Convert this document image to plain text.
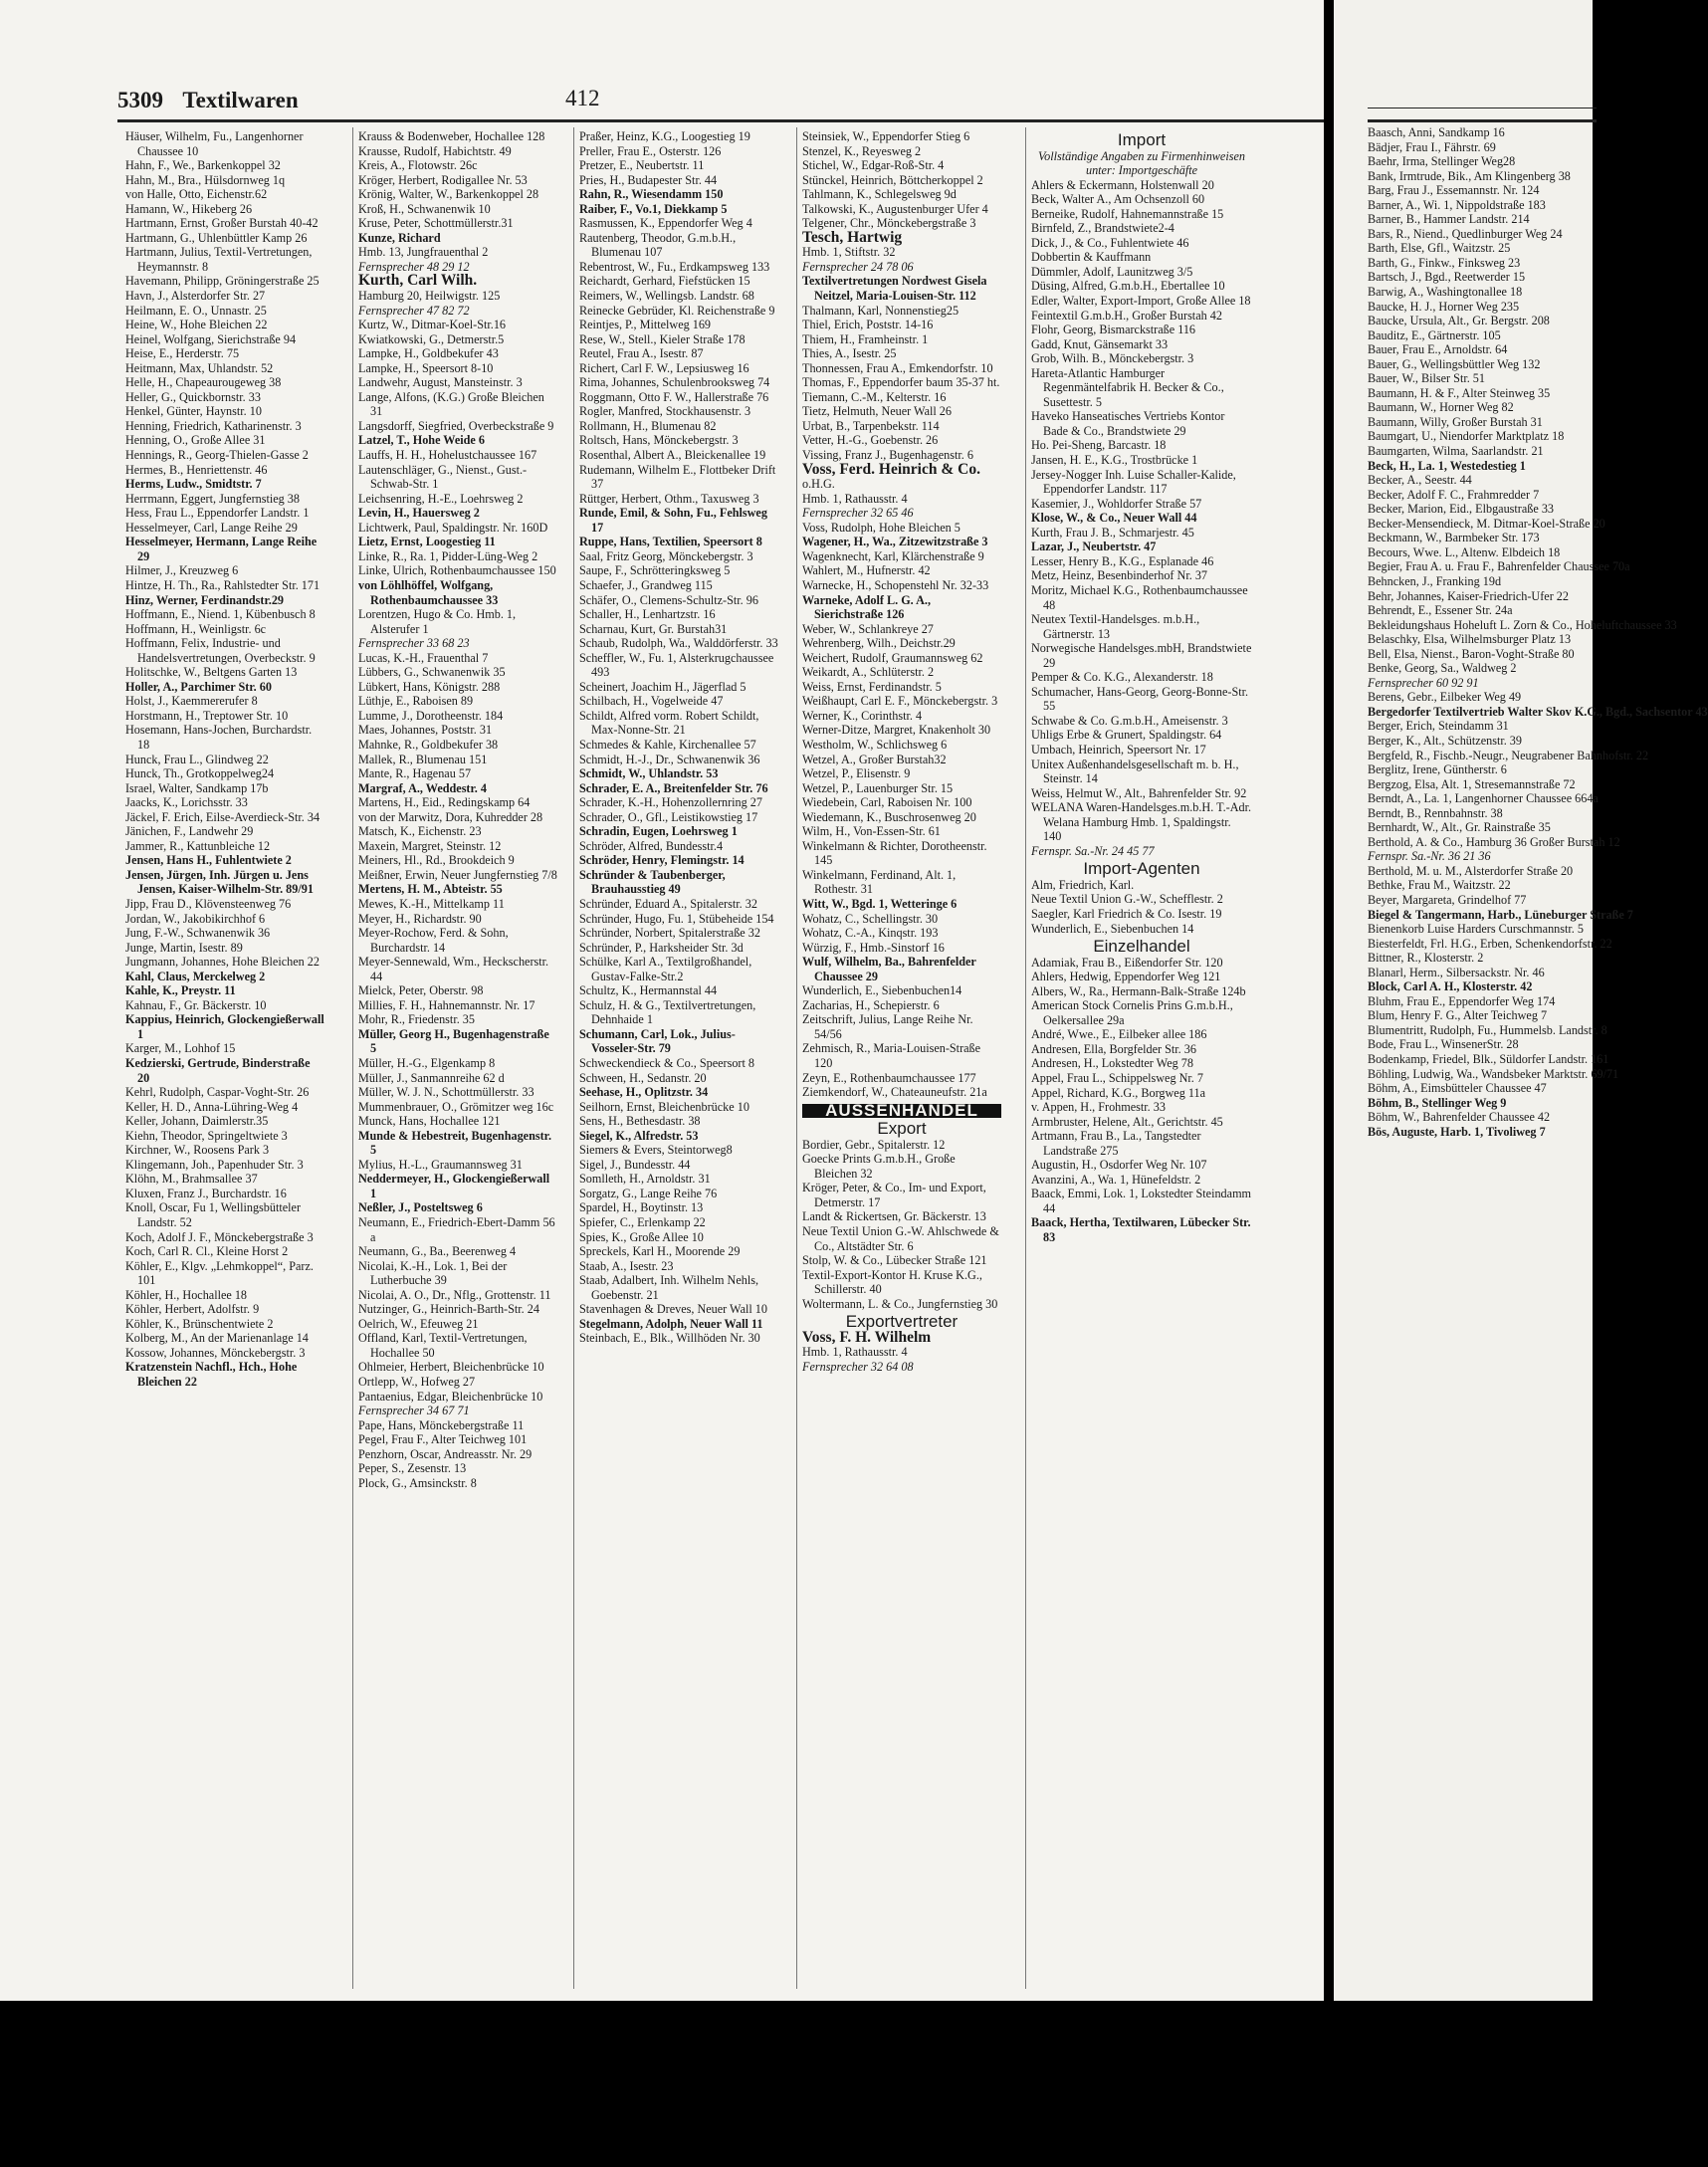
5309 Textilwaren	412
Häuser, Wilhelm, Fu., Langenhorner Chaussee 10
Hahn, F., We., Barkenkoppel 32
Hahn, M., Bra., Hülsdornweg 1q
von Halle, Otto, Eichenstr.62
Hamann, W., Hikeberg 26
Hartmann, Ernst, Großer Burstah 40-42
Hartmann, G., Uhlenbüttler Kamp 26
Hartmann, Julius, Textil-Vertretungen, Heymannstr. 8
Havemann, Philipp, Gröningerstraße 25
Havn, J., Alsterdorfer Str. 27
Heilmann, E. O., Unnastr. 25
Heine, W., Hohe Bleichen 22
Heinel, Wolfgang, Sierichstraße 94
Heise, E., Herderstr. 75
Heitmann, Max, Uhlandstr. 52
Helle, H., Chapeaurougeweg 38
Heller, G., Quickbornstr. 33
Henkel, Günter, Haynstr. 10
Henning, Friedrich, Katharinenstr. 3
Henning, O., Große Allee 31
Hennings, R., Georg-Thielen-Gasse 2
Hermes, B., Henriettenstr. 46
Herms, Ludw., Smidtstr. 7
Herrmann, Eggert, Jungfernstieg 38
Hess, Frau L., Eppendorfer Landstr. 1
Hesselmeyer, Carl, Lange Reihe 29
Hesselmeyer, Hermann, Lange Reihe 29
Hilmer, J., Kreuzweg 6
Hintze, H. Th., Ra., Rahlstedter Str. 171
Hinz, Werner, Ferdinandstr.29
Hoffmann, E., Niend. 1, Kübenbusch 8
Hoffmann, H., Weinligstr. 6c
Hoffmann, Felix, Industrie- und Handelsvertretungen, Overbeckstr. 9
Holitschke, W., Beltgens Garten 13
Holler, A., Parchimer Str. 60
Holst, J., Kaemmererufer 8
Horstmann, H., Treptower Str. 10
Hosemann, Hans-Jochen, Burchardstr. 18
Hunck, Frau L., Glindweg 22
Hunck, Th., Grotkoppelweg24
Israel, Walter, Sandkamp 17b
Jaacks, K., Lorichsstr. 33
Jäckel, F. Erich, Eilse-Averdieck-Str. 34
Jänichen, F., Landwehr 29
Jammer, R., Kattunbleiche 12
Jensen, Hans H., Fuhlentwiete 2
Jensen, Jürgen, Inh. Jürgen u. Jens Jensen, Kaiser-Wilhelm-Str. 89/91
Jipp, Frau D., Klövensteenweg 76
Jordan, W., Jakobikirchhof 6
Jung, F.-W., Schwanenwik 36
Junge, Martin, Isestr. 89
Jungmann, Johannes, Hohe Bleichen 22
Kahl, Claus, Merckelweg 2
Kahle, K., Preystr. 11
Kahnau, F., Gr. Bäckerstr. 10
Kappius, Heinrich, Glockengießerwall 1
Karger, M., Lohhof 15
Kedzierski, Gertrude, Binderstraße 20
Kehrl, Rudolph, Caspar-Voght-Str. 26
Keller, H. D., Anna-Lühring-Weg 4
Keller, Johann, Daimlerstr.35
Kiehn, Theodor, Springeltwiete 3
Kirchner, W., Roosens Park 3
Klingemann, Joh., Papenhuder Str. 3
Klöhn, M., Brahmsallee 37
Kluxen, Franz J., Burchardstr. 16
Knoll, Oscar, Fu 1, Wellingsbütteler Landstr. 52
Koch, Adolf J. F., Mönckebergstraße 3
Koch, Carl R. Cl., Kleine Horst 2
Köhler, E., Klgv. „Lehmkoppel“, Parz. 101
Köhler, H., Hochallee 18
Köhler, Herbert, Adolfstr. 9
Köhler, K., Brünschentwiete 2
Kolberg, M., An der Marienanlage 14
Kossow, Johannes, Mönckebergstr. 3
Kratzenstein Nachfl., Hch., Hohe Bleichen 22
Krauss & Bodenweber, Hochallee 128
Krausse, Rudolf, Habichtstr. 49
Kreis, A., Flotowstr. 26c
Kröger, Herbert, Rodigallee Nr. 53
Krönig, Walter, W., Barkenkoppel 28
Kroß, H., Schwanenwik 10
Kruse, Peter, Schottmüllerstr.31
Kunze, Richard
Hmb. 13, Jungfrauenthal 2
Fernsprecher 48 29 12
Kurth, Carl Wilh.
Hamburg 20, Heilwigstr. 125
Fernsprecher 47 82 72
Kurtz, W., Ditmar-Koel-Str.16
Kwiatkowski, G., Detmerstr.5
Lampke, H., Goldbekufer 43
Lampke, H., Speersort 8-10
Landwehr, August, Mansteinstr. 3
Lange, Alfons, (K.G.) Große Bleichen 31
Langsdorff, Siegfried, Overbeckstraße 9
Latzel, T., Hohe Weide 6
Lauffs, H. H., Hohelustchaussee 167
Lautenschläger, G., Nienst., Gust.-Schwab-Str. 1
Leichsenring, H.-E., Loehrsweg 2
Levin, H., Hauersweg 2
Lichtwerk, Paul, Spaldingstr. Nr. 160D
Lietz, Ernst, Loogestieg 11
Linke, R., Ra. 1, Pidder-Lüng-Weg 2
Linke, Ulrich, Rothenbaumchaussee 150
von Löhlhöffel, Wolfgang, Rothenbaumchaussee 33
Lorentzen, Hugo & Co. Hmb. 1, Alsterufer 1
Fernsprecher 33 68 23
Lucas, K.-H., Frauenthal 7
Lübbers, G., Schwanenwik 35
Lübkert, Hans, Königstr. 288
Lüthje, E., Raboisen 89
Lumme, J., Dorotheenstr. 184
Maes, Johannes, Poststr. 31
Mahnke, R., Goldbekufer 38
Mallek, R., Blumenau 151
Mante, R., Hagenau 57
Margraf, A., Weddestr. 4
Martens, H., Eid., Redingskamp 64
von der Marwitz, Dora, Kuhredder 28
Matsch, K., Eichenstr. 23
Maxein, Margret, Steinstr. 12
Meiners, Hl., Rd., Brookdeich 9
Meißner, Erwin, Neuer Jungfernstieg 7/8
Mertens, H. M., Abteistr. 55
Mewes, K.-H., Mittelkamp 11
Meyer, H., Richardstr. 90
Meyer-Rochow, Ferd. & Sohn, Burchardstr. 14
Meyer-Sennewald, Wm., Heckscherstr. 44
Mielck, Peter, Oberstr. 98
Millies, F. H., Hahnemannstr. Nr. 17
Mohr, R., Friedenstr. 35
Müller, Georg H., Bugenhagenstraße 5
Müller, H.-G., Elgenkamp 8
Müller, J., Sanmannreihe 62 d
Müller, W. J. N., Schottmüllerstr. 33
Mummenbrauer, O., Grömitzer weg 16c
Munck, Hans, Hochallee 121
Munde & Hebestreit, Bugenhagenstr. 5
Mylius, H.-L., Graumannsweg 31
Neddermeyer, H., Glockengießerwall 1
Neßler, J., Posteltsweg 6
Neumann, E., Friedrich-Ebert-Damm 56 a
Neumann, G., Ba., Beerenweg 4
Nicolai, K.-H., Lok. 1, Bei der Lutherbuche 39
Nicolai, A. O., Dr., Nflg., Grottenstr. 11
Nutzinger, G., Heinrich-Barth-Str. 24
Oelrich, W., Efeuweg 21
Offland, Karl, Textil-Vertretungen, Hochallee 50
Ohlmeier, Herbert, Bleichenbrücke 10
Ortlepp, W., Hofweg 27
Pantaenius, Edgar, Bleichenbrücke 10
Fernsprecher 34 67 71
Pape, Hans, Mönckebergstraße 11
Pegel, Frau F., Alter Teichweg 101
Penzhorn, Oscar, Andreasstr. Nr. 29
Peper, S., Zesenstr. 13
Plock, G., Amsinckstr. 8
Praßer, Heinz, K.G., Loogestieg 19
Preller, Frau E., Osterstr. 126
Pretzer, E., Neubertstr. 11
Pries, H., Budapester Str. 44
Rahn, R., Wiesendamm 150
Raiber, F., Vo.1, Diekkamp 5
Rasmussen, K., Eppendorfer Weg 4
Rautenberg, Theodor, G.m.b.H., Blumenau 107
Rebentrost, W., Fu., Erdkampsweg 133
Reichardt, Gerhard, Fiefstücken 15
Reimers, W., Wellingsb. Landstr. 68
Reinecke Gebrüder, Kl. Reichenstraße 9
Reintjes, P., Mittelweg 169
Rese, W., Stell., Kieler Straße 178
Reutel, Frau A., Isestr. 87
Richert, Carl F. W., Lepsiusweg 16
Rima, Johannes, Schulenbrooksweg 74
Roggmann, Otto F. W., Hallerstraße 76
Rogler, Manfred, Stockhausenstr. 3
Rollmann, H., Blumenau 82
Roltsch, Hans, Mönckebergstr. 3
Rosenthal, Albert A., Bleickenallee 19
Rudemann, Wilhelm E., Flottbeker Drift 37
Rüttger, Herbert, Othm., Taxusweg 3
Runde, Emil, & Sohn, Fu., Fehlsweg 17
Ruppe, Hans, Textilien, Speersort 8
Saal, Fritz Georg, Mönckebergstr. 3
Saupe, F., Schrötteringksweg 5
Schaefer, J., Grandweg 115
Schäfer, O., Clemens-Schultz-Str. 96
Schaller, H., Lenhartzstr. 16
Scharnau, Kurt, Gr. Burstah31
Schaub, Rudolph, Wa., Walddörferstr. 33
Scheffler, W., Fu. 1, Alsterkrugchaussee 493
Scheinert, Joachim H., Jägerflad 5
Schilbach, H., Vogelweide 47
Schildt, Alfred vorm. Robert Schildt, Max-Nonne-Str. 21
Schmedes & Kahle, Kirchenallee 57
Schmidt, H.-J., Dr., Schwanenwik 36
Schmidt, W., Uhlandstr. 53
Schrader, E. A., Breitenfelder Str. 76
Schrader, K.-H., Hohenzollernring 27
Schrader, O., Gfl., Leistikowstieg 17
Schradin, Eugen, Loehrsweg 1
Schröder, Alfred, Bundesstr.4
Schröder, Henry, Flemingstr. 14
Schründer & Taubenberger, Brauhausstieg 49
Schründer, Eduard A., Spitalerstr. 32
Schründer, Hugo, Fu. 1, Stübeheide 154
Schründer, Norbert, Spitalerstraße 32
Schründer, P., Harksheider Str. 3d
Schülke, Karl A., Textilgroßhandel, Gustav-Falke-Str.2
Schultz, K., Hermannstal 44
Schulz, H. & G., Textilvertretungen, Dehnhaide 1
Schumann, Carl, Lok., Julius-Vosseler-Str. 79
Schweckendieck & Co., Speersort 8
Schween, H., Sedanstr. 20
Seehase, H., Oplitzstr. 34
Seilhorn, Ernst, Bleichenbrücke 10
Sens, H., Bethesdastr. 38
Siegel, K., Alfredstr. 53
Siemers & Evers, Steintorweg8
Sigel, J., Bundesstr. 44
Somlleth, H., Arnoldstr. 31
Sorgatz, G., Lange Reihe 76
Spardel, H., Boytinstr. 13
Spiefer, C., Erlenkamp 22
Spies, K., Große Allee 10
Spreckels, Karl H., Moorende 29
Staab, A., Isestr. 23
Staab, Adalbert, Inh. Wilhelm Nehls, Goebenstr. 21
Stavenhagen & Dreves, Neuer Wall 10
Stegelmann, Adolph, Neuer Wall 11
Steinbach, E., Blk., Willhöden Nr. 30
Steinsiek, W., Eppendorfer Stieg 6
Stenzel, K., Reyesweg 2
Stichel, W., Edgar-Roß-Str. 4
Stünckel, Heinrich, Böttcherkoppel 2
Tahlmann, K., Schlegelsweg 9d
Talkowski, K., Augustenburger Ufer 4
Telgener, Chr., Mönckebergstraße 3
Tesch, Hartwig
Hmb. 1, Stiftstr. 32
Fernsprecher 24 78 06
Textilvertretungen Nordwest Gisela Neitzel, Maria-Louisen-Str. 112
Thalmann, Karl, Nonnenstieg25
Thiel, Erich, Poststr. 14-16
Thiem, H., Framheinstr. 1
Thies, A., Isestr. 25
Thonnessen, Frau A., Emkendorfstr. 10
Thomas, F., Eppendorfer baum 35-37 ht.
Tiemann, C.-M., Kelterstr. 16
Tietz, Helmuth, Neuer Wall 26
Urbat, B., Tarpenbekstr. 114
Vetter, H.-G., Goebenstr. 26
Vissing, Franz J., Bugenhagenstr. 6
Voss, Ferd. Heinrich & Co.
o.H.G.
Hmb. 1, Rathausstr. 4
Fernsprecher 32 65 46
Voss, Rudolph, Hohe Bleichen 5
Wagener, H., Wa., Zitzewitzstraße 3
Wagenknecht, Karl, Klärchenstraße 9
Wahlert, M., Hufnerstr. 42
Warnecke, H., Schopenstehl Nr. 32-33
Warneke, Adolf L. G. A., Sierichstraße 126
Weber, W., Schlankreye 27
Wehrenberg, Wilh., Deichstr.29
Weichert, Rudolf, Graumannsweg 62
Weikardt, A., Schlüterstr. 2
Weiss, Ernst, Ferdinandstr. 5
Weißhaupt, Carl E. F., Mönckebergstr. 3
Werner, K., Corinthstr. 4
Werner-Ditze, Margret, Knakenholt 30
Westholm, W., Schlichsweg 6
Wetzel, A., Großer Burstah32
Wetzel, P., Elisenstr. 9
Wetzel, P., Lauenburger Str. 15
Wiedebein, Carl, Raboisen Nr. 100
Wiedemann, K., Buschrosenweg 20
Wilm, H., Von-Essen-Str. 61
Winkelmann & Richter, Dorotheenstr. 145
Winkelmann, Ferdinand, Alt. 1, Rothestr. 31
Witt, W., Bgd. 1, Wetteringe 6
Wohatz, C., Schellingstr. 30
Wohatz, C.-A., Kinqstr. 193
Würzig, F., Hmb.-Sinstorf 16
Wulf, Wilhelm, Ba., Bahrenfelder Chaussee 29
Wunderlich, E., Siebenbuchen14
Zacharias, H., Schepierstr. 6
Zeitschrift, Julius, Lange Reihe Nr. 54/56
Zehmisch, R., Maria-Louisen-Straße 120
Zeyn, E., Rothenbaumchaussee 177
Ziemkendorf, W., Chateauneufstr. 21a
AUSSENHANDEL
Export
Bordier, Gebr., Spitalerstr. 12
Goecke Prints G.m.b.H., Große Bleichen 32
Kröger, Peter, & Co., Im- und Export, Detmerstr. 17
Landt & Rickertsen, Gr. Bäckerstr. 13
Neue Textil Union G.-W. Ahlschwede & Co., Altstädter Str. 6
Stolp, W. & Co., Lübecker Straße 121
Textil-Export-Kontor H. Kruse K.G., Schillerstr. 40
Woltermann, L. & Co., Jungfernstieg 30
Exportvertreter
Voss, F. H. Wilhelm
Hmb. 1, Rathausstr. 4
Fernsprecher 32 64 08
Import
Vollständige Angaben zu Firmenhinweisen unter: Importgeschäfte
Ahlers & Eckermann, Holstenwall 20
Beck, Walter A., Am Ochsenzoll 60
Berneike, Rudolf, Hahnemannstraße 15
Birnfeld, Z., Brandstwiete2-4
Dick, J., & Co., Fuhlentwiete 46
Dobbertin & Kauffmann
Dümmler, Adolf, Launitzweg 3/5
Düsing, Alfred, G.m.b.H., Ebertallee 10
Edler, Walter, Export-Import, Große Allee 18
Feintextil G.m.b.H., Großer Burstah 42
Flohr, Georg, Bismarckstraße 116
Gadd, Knut, Gänsemarkt 33
Grob, Wilh. B., Mönckebergstr. 3
Hareta-Atlantic Hamburger Regenmäntelfabrik H. Becker & Co., Susettestr. 5
Haveko Hanseatisches Vertriebs Kontor Bade & Co., Brandstwiete 29
Ho. Pei-Sheng, Barcastr. 18
Jansen, H. E., K.G., Trostbrücke 1
Jersey-Nogger Inh. Luise Schaller-Kalide, Eppendorfer Landstr. 117
Kasemier, J., Wohldorfer Straße 57
Klose, W., & Co., Neuer Wall 44
Kurth, Frau J. B., Schmarjestr. 45
Lazar, J., Neubertstr. 47
Lesser, Henry B., K.G., Esplanade 46
Metz, Heinz, Besenbinderhof Nr. 37
Moritz, Michael K.G., Rothenbaumchaussee 48
Neutex Textil-Handelsges. m.b.H., Gärtnerstr. 13
Norwegische Handelsges.mbH, Brandstwiete 29
Pemper & Co. K.G., Alexanderstr. 18
Schumacher, Hans-Georg, Georg-Bonne-Str. 55
Schwabe & Co. G.m.b.H., Ameisenstr. 3
Uhligs Erbe & Grunert, Spaldingstr. 64
Umbach, Heinrich, Speersort Nr. 17
Unitex Außenhandelsgesellschaft m. b. H., Steinstr. 14
Weiss, Helmut W., Alt., Bahrenfelder Str. 92
WELANA Waren-Handelsges.m.b.H. T.-Adr. Welana Hamburg Hmb. 1, Spaldingstr. 140
Fernspr. Sa.-Nr. 24 45 77
Import-Agenten
Alm, Friedrich, Karl.
Neue Textil Union G.-W., Schefflestr. 2
Saegler, Karl Friedrich & Co. Isestr. 19
Wunderlich, E., Siebenbuchen 14
Einzelhandel
Adamiak, Frau B., Eißendorfer Str. 120
Ahlers, Hedwig, Eppendorfer Weg 121
Albers, W., Ra., Hermann-Balk-Straße 124b
American Stock Cornelis Prins G.m.b.H., Oelkersallee 29a
André, Wwe., E., Eilbeker allee 186
Andresen, Ella, Borgfelder Str. 36
Andresen, H., Lokstedter Weg 78
Appel, Frau L., Schippelsweg Nr. 7
Appel, Richard, K.G., Borgweg 11a
v. Appen, H., Frohmestr. 33
Armbruster, Helene, Alt., Gerichtstr. 45
Artmann, Frau B., La., Tangstedter Landstraße 275
Augustin, H., Osdorfer Weg Nr. 107
Avanzini, A., Wa. 1, Hünefeldstr. 2
Baack, Emmi, Lok. 1, Lokstedter Steindamm 44
Baack, Hertha, Textilwaren, Lübecker Str. 83
Baasch, Anni, Sandkamp 16
Bädjer, Frau I., Fährstr. 69
Baehr, Irma, Stellinger Weg28
Bank, Irmtrude, Bik., Am Klingenberg 38
Barg, Frau J., Essemannstr. Nr. 124
Barner, A., Wi. 1, Nippoldstraße 183
Barner, B., Hammer Landstr. 214
Bars, R., Niend., Quedlinburger Weg 24
Barth, Else, Gfl., Waitzstr. 25
Barth, G., Finkw., Finksweg 23
Bartsch, J., Bgd., Reetwerder 15
Barwig, A., Washingtonallee 18
Baucke, H. J., Horner Weg 235
Baucke, Ursula, Alt., Gr. Bergstr. 208
Bauditz, E., Gärtnerstr. 105
Bauer, Frau E., Arnoldstr. 64
Bauer, G., Wellingsbüttler Weg 132
Bauer, W., Bilser Str. 51
Baumann, H. & F., Alter Steinweg 35
Baumann, W., Horner Weg 82
Baumann, Willy, Großer Burstah 31
Baumgart, U., Niendorfer Marktplatz 18
Baumgarten, Wilma, Saarlandstr. 21
Beck, H., La. 1, Westedestieg 1
Becker, A., Seestr. 44
Becker, Adolf F. C., Frahmredder 7
Becker, Marion, Eid., Elbgaustraße 33
Becker-Mensendieck, M. Ditmar-Koel-Straße 20
Beckmann, W., Barmbeker Str. 173
Becours, Wwe. L., Altenw. Elbdeich 18
Begier, Frau A. u. Frau F., Bahrenfelder Chaussee 70a
Behncken, J., Franking 19d
Behr, Johannes, Kaiser-Friedrich-Ufer 22
Behrendt, E., Essener Str. 24a
Bekleidungshaus Hoheluft L. Zorn & Co., Hoheluftchaussee 33
Belaschky, Elsa, Wilhelmsburger Platz 13
Bell, Elsa, Nienst., Baron-Voght-Straße 80
Benke, Georg, Sa., Waldweg 2
Fernsprecher 60 92 91
Berens, Gebr., Eilbeker Weg 49
Bergedorfer Textilvertrieb Walter Skov K.G., Bgd., Sachsentor 43
Berger, Erich, Steindamm 31
Berger, K., Alt., Schützenstr. 39
Bergfeld, R., Fischb.-Neugr., Neugrabener Bahnhofstr. 22
Berglitz, Irene, Güntherstr. 6
Bergzog, Elsa, Alt. 1, Stresemannstraße 72
Berndt, A., La. 1, Langenhorner Chaussee 664a
Berndt, B., Rennbahnstr. 38
Bernhardt, W., Alt., Gr. Rainstraße 35
Berthold, A. & Co., Hamburg 36 Großer Burstah 12
Fernspr. Sa.-Nr. 36 21 36
Berthold, M. u. M., Alsterdorfer Straße 20
Bethke, Frau M., Waitzstr. 22
Beyer, Margareta, Grindelhof 77
Biegel & Tangermann, Harb., Lüneburger Straße 7
Bienenkorb Luise Harders Curschmannstr. 5
Biesterfeldt, Frl. H.G., Erben, Schenkendorfstr. 22
Bittner, R., Klosterstr. 2
Blanarl, Herm., Silbersackstr. Nr. 46
Block, Carl A. H., Klosterstr. 42
Bluhm, Frau E., Eppendorfer Weg 174
Blum, Henry F. G., Alter Teichweg 7
Blumentritt, Rudolph, Fu., Hummelsb. Landstr. 8
Bode, Frau L., WinsenerStr. 28
Bodenkamp, Friedel, Blk., Süldorfer Landstr. 161
Böhling, Ludwig, Wa., Wandsbeker Marktstr. 69/71
Böhm, A., Eimsbütteler Chaussee 47
Böhm, B., Stellinger Weg 9
Böhm, W., Bahrenfelder Chaussee 42
Bös, Auguste, Harb. 1, Tivoliweg 7
